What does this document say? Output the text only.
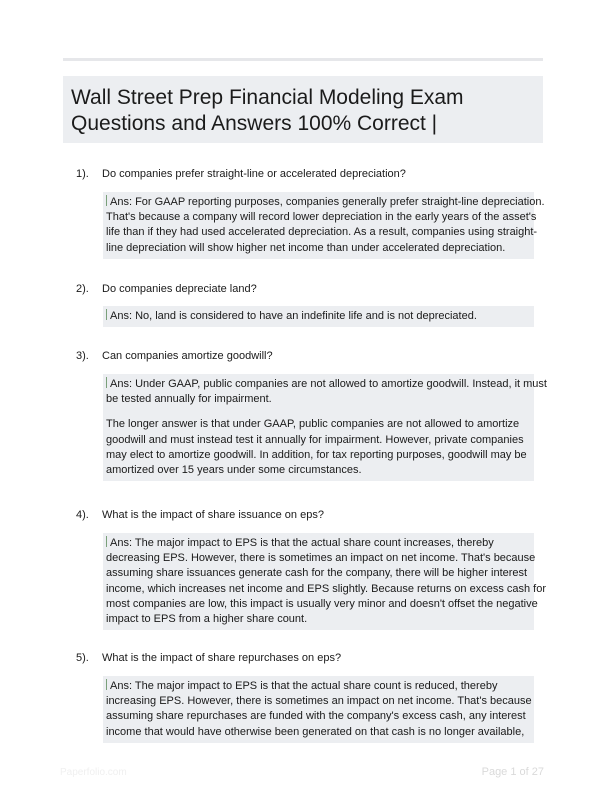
Wall Street Prep Financial Modeling Exam
Questions and Answers 100% Correct |
1). Do companies prefer straight-line or accelerated depreciation?
Ans: For GAAP reporting purposes, companies generally prefer straight-line depreciation.
That's because a company will record lower depreciation in the early years of the asset's
life than if they had used accelerated depreciation. As a result, companies using straight-
line depreciation will show higher net income than under accelerated depreciation.
2). Do companies depreciate land?
Ans: No, land is considered to have an indefinite life and is not depreciated.
3). Can companies amortize goodwill?
Ans: Under GAAP, public companies are not allowed to amortize goodwill. Instead, it must
be tested annually for impairment.
The longer answer is that under GAAP, public companies are not allowed to amortize
goodwill and must instead test it annually for impairment. However, private companies
may elect to amortize goodwill. In addition, for tax reporting purposes, goodwill may be
amortized over 15 years under some circumstances.
4). What is the impact of share issuance on eps?
Ans: The major impact to EPS is that the actual share count increases, thereby
decreasing EPS. However, there is sometimes an impact on net income. That's because
assuming share issuances generate cash for the company, there will be higher interest
income, which increases net income and EPS slightly. Because returns on excess cash for
most companies are low, this impact is usually very minor and doesn't offset the negative
impact to EPS from a higher share count.
5). What is the impact of share repurchases on eps?
Ans: The major impact to EPS is that the actual share count is reduced, thereby
increasing EPS. However, there is sometimes an impact on net income. That's because
assuming share repurchases are funded with the company's excess cash, any interest
income that would have otherwise been generated on that cash is no longer available,
Paperfolio.com	Page 1 of 27
